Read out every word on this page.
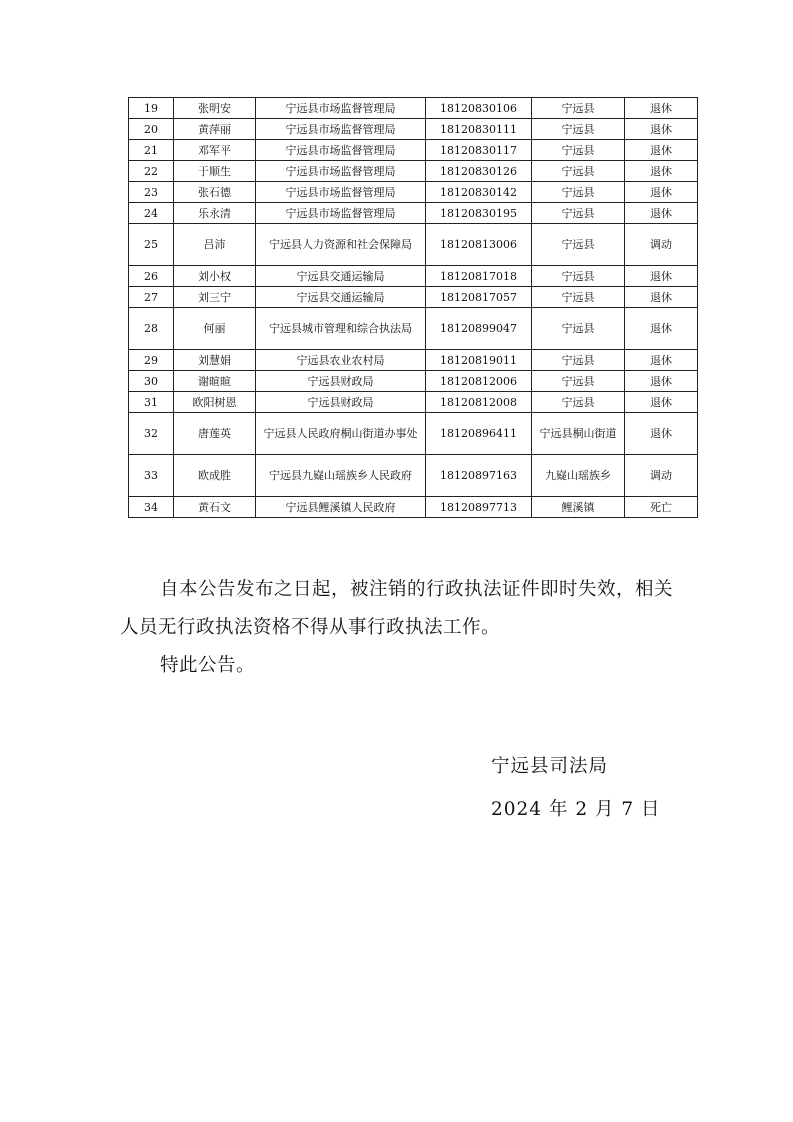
19	张明安	宁远县市场监督管理局	18120830106	宁远县	退休
20	黄萍丽	宁远县市场监督管理局	18120830111	宁远县	退休
21	邓军平	宁远县市场监督管理局	18120830117	宁远县	退休
22	于顺生	宁远县市场监督管理局	18120830126	宁远县	退休
23	张石德	宁远县市场监督管理局	18120830142	宁远县	退休
24	乐永清	宁远县市场监督管理局	18120830195	宁远县	退休
25	吕沛	宁远县人力资源和社会保障局	18120813006	宁远县	调动
26	刘小权	宁远县交通运输局	18120817018	宁远县	退休
27	刘三宁	宁远县交通运输局	18120817057	宁远县	退休
28	何丽	宁远县城市管理和综合执法局	18120899047	宁远县	退休
29	刘慧娟	宁远县农业农村局	18120819011	宁远县	退休
30	谢暄暄	宁远县财政局	18120812006	宁远县	退休
31	欧阳树恩	宁远县财政局	18120812008	宁远县	退休
32	唐莲英	宁远县人民政府桐山街道办事处	18120896411	宁远县桐山街道	退休
33	欧成胜	宁远县九嶷山瑶族乡人民政府	18120897163	九嶷山瑶族乡	调动
34	黄石文	宁远县鲤溪镇人民政府	18120897713	鲤溪镇	死亡

自本公告发布之日起，被注销的行政执法证件即时失效，相关人员无行政执法资格不得从事行政执法工作。

特此公告。

宁远县司法局
2024 年 2 月 7 日
